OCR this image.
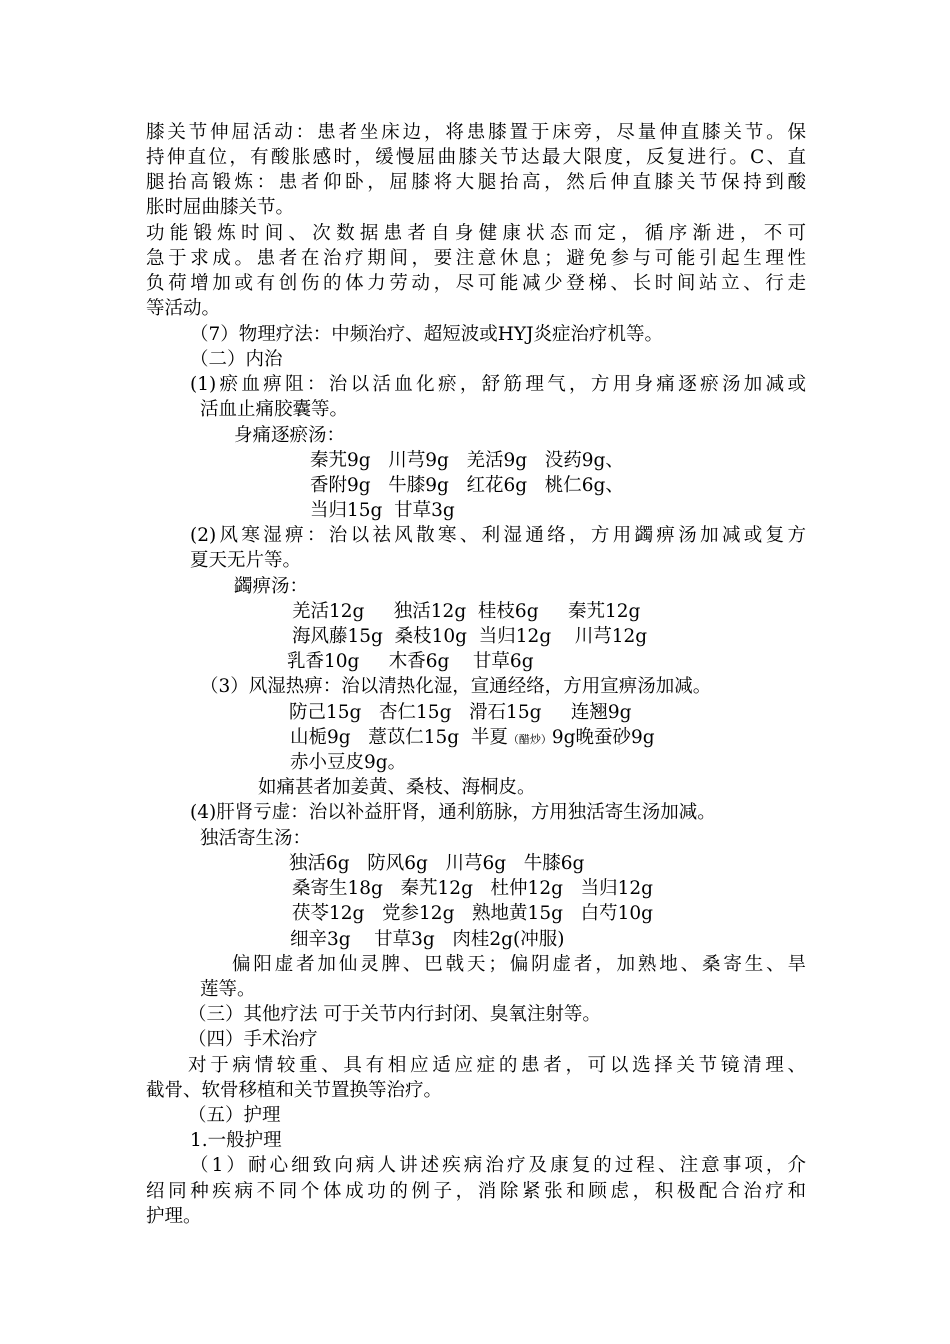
膝关节伸屈活动：患者坐床边，将患膝置于床旁，尽量伸直膝关节。保
持伸直位，有酸胀感时，缓慢屈曲膝关节达最大限度，反复进行。C、直
腿抬高锻炼：患者仰卧，屈膝将大腿抬高，然后伸直膝关节保持到酸
胀时屈曲膝关节。
功能锻炼时间、次数据患者自身健康状态而定，循序渐进，不可
急于求成。患者在治疗期间，要注意休息；避免参与可能引起生理性
负荷增加或有创伤的体力劳动，尽可能减少登梯、长时间站立、行走
等活动。
（7）物理疗法：中频治疗、超短波或HYJ炎症治疗机等。
（二）内治
(1)瘀血痹阻：治以活血化瘀，舒筋理气，方用身痛逐瘀汤加减或
活血止痛胶囊等。
身痛逐瘀汤：
秦艽9g   川芎9g   羌活9g   没药9g、
香附9g   牛膝9g   红花6g   桃仁6g、
当归15g  甘草3g
(2)风寒湿痹：治以祛风散寒、利湿通络，方用蠲痹汤加减或复方
夏天无片等。
蠲痹汤：
羌活12g     独活12g  桂枝6g     秦艽12g
海风藤15g  桑枝10g  当归12g    川芎12g
乳香10g     木香6g    甘草6g
（3）风湿热痹：治以清热化湿，宣通经络，方用宣痹汤加减。
防己15g   杏仁15g   滑石15g     连翘9g
山栀9g   薏苡仁15g  半夏（醋炒）9g晚蚕砂9g
赤小豆皮9g。
如痛甚者加姜黄、桑枝、海桐皮。
(4)肝肾亏虚：治以补益肝肾，通利筋脉，方用独活寄生汤加减。
独活寄生汤：
独活6g   防风6g   川芎6g   牛膝6g
桑寄生18g   秦艽12g   杜仲12g   当归12g
茯苓12g   党参12g   熟地黄15g   白芍10g
细辛3g    甘草3g   肉桂2g(冲服)
偏阳虚者加仙灵脾、巴戟天；偏阴虚者，加熟地、桑寄生、旱
莲等。
（三）其他疗法 可于关节内行封闭、臭氧注射等。
（四）手术治疗
对于病情较重、具有相应适应症的患者，可以选择关节镜清理、
截骨、软骨移植和关节置换等治疗。
（五）护理
1.一般护理
（1）耐心细致向病人讲述疾病治疗及康复的过程、注意事项，介
绍同种疾病不同个体成功的例子，消除紧张和顾虑，积极配合治疗和
护理。
